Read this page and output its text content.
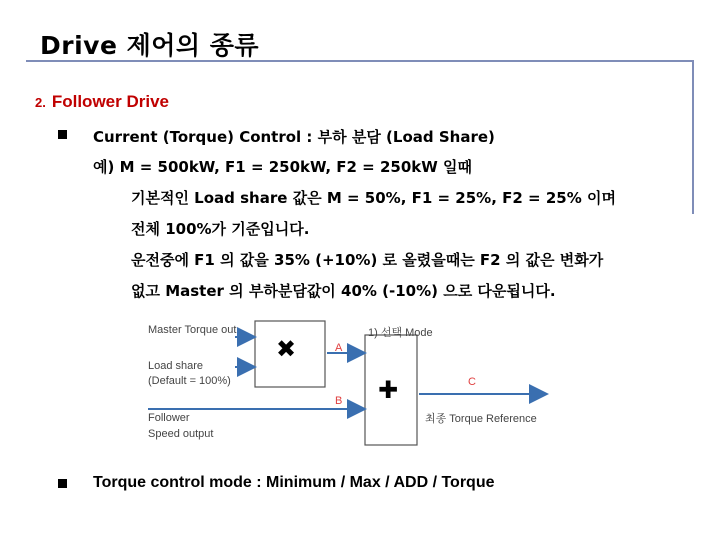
Drive 제어의 종류
2. Follower Drive
Current (Torque) Control : 부하 분담 (Load Share)
예) M = 500kW, F1 = 250kW, F2 = 250kW 일때
기본적인 Load share 값은 M = 50%, F1 = 25%, F2 = 25% 이며
전체 100%가 기준입니다.
운전중에 F1 의 값을 35% (+10%) 로 올렸을때는 F2 의 값은 변화가
없고 Master 의 부하분담값이 40% (-10%) 으로 다운됩니다.
Master Torque out
Load share
(Default = 100%)
Follower
Speed output
1) 선택 Mode
최종 Torque Reference
A
B
C
✖
✚
Torque control mode : Minimum / Max / ADD / Torque
